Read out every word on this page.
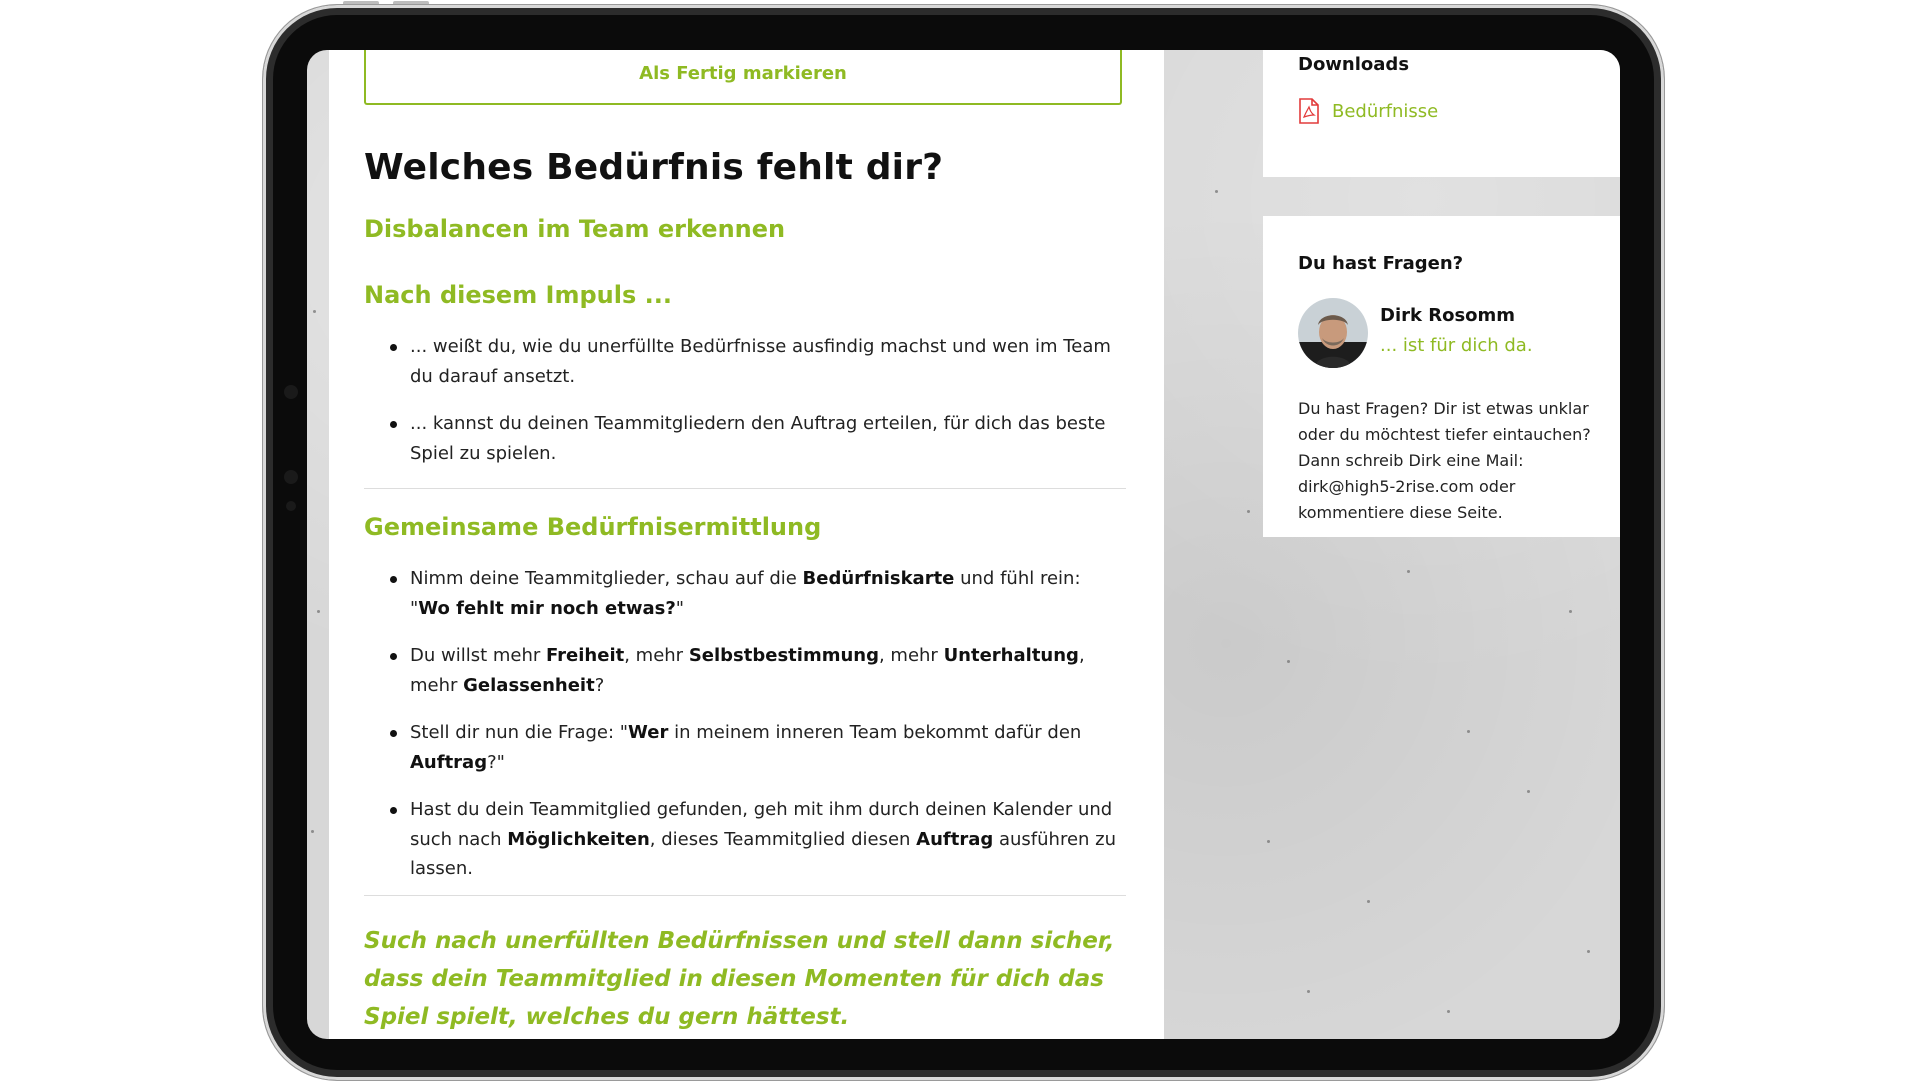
Als Fertig markieren
Welches Bedürfnis fehlt dir?
Disbalancen im Team erkennen
Nach diesem Impuls ...
... weißt du, wie du unerfüllte Bedürfnisse ausfindig machst und wen im Team du darauf ansetzt.
... kannst du deinen Teammitgliedern den Auftrag erteilen, für dich das beste Spiel zu spielen.
Gemeinsame Bedürfnisermittlung
Nimm deine Teammitglieder, schau auf die Bedürfniskarte und fühl rein: "Wo fehlt mir noch etwas?"
Du willst mehr Freiheit, mehr Selbstbestimmung, mehr Unterhaltung, mehr Gelassenheit?
Stell dir nun die Frage: "Wer in meinem inneren Team bekommt dafür den Auftrag?"
Hast du dein Teammitglied gefunden, geh mit ihm durch deinen Kalender und such nach Möglichkeiten, dieses Teammitglied diesen Auftrag ausführen zu lassen.
Such nach unerfüllten Bedürfnissen und stell dann sicher, dass dein Teammitglied in diesen Momenten für dich das Spiel spielt, welches du gern hättest.
Downloads
Bedürfnisse
Du hast Fragen?
Dirk Rosomm
... ist für dich da.
Du hast Fragen? Dir ist etwas unklar oder du möchtest tiefer eintauchen? Dann schreib Dirk eine Mail: dirk@high5-2rise.com oder kommentiere diese Seite.
